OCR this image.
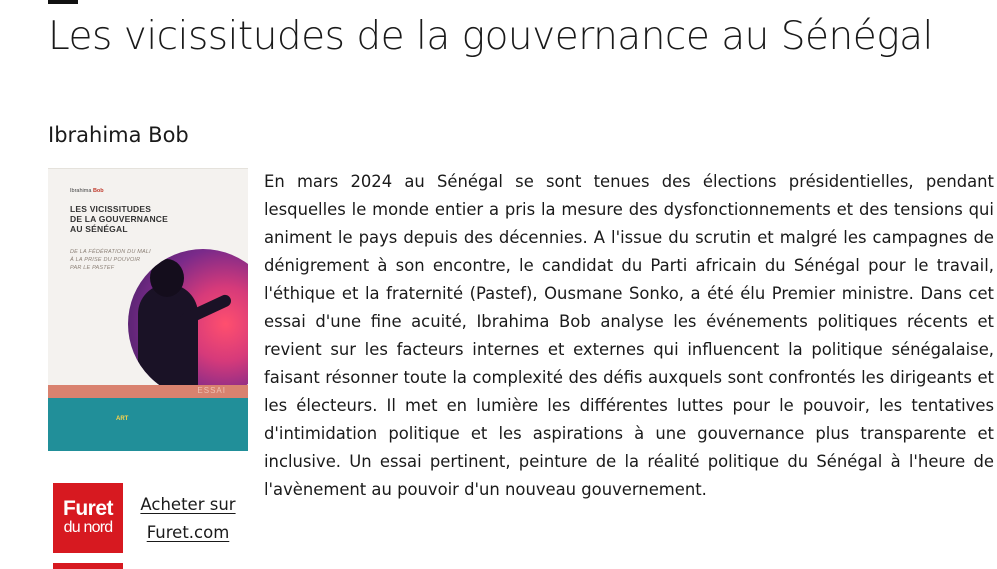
Les vicissitudes de la gouvernance au Sénégal
Ibrahima Bob
Ibrahima Bob
LES VICISSITUDES
DE LA GOUVERNANCE
AU SÉNÉGAL
DE LA FÉDÉRATION DU MALI
À LA PRISE DU POUVOIR
PAR LE PASTEF
ESSAI
ART
Furet
du nord
Acheter sur
Furet.com

En mars 2024 au Sénégal se sont tenues des élections présidentielles, pendant lesquelles le monde entier a pris la mesure des dysfonctionnements et des tensions qui animent le pays depuis des décennies. A l'issue du scrutin et malgré les campagnes de dénigrement à son encontre, le candidat du Parti africain du Sénégal pour le travail, l'éthique et la fraternité (Pastef), Ousmane Sonko, a été élu Premier ministre. Dans cet essai d'une fine acuité, Ibrahima Bob analyse les événements politiques récents et revient sur les facteurs internes et externes qui influencent la politique sénégalaise, faisant résonner toute la complexité des défis auxquels sont confrontés les dirigeants et les électeurs. Il met en lumière les différentes luttes pour le pouvoir, les tentatives d'intimidation politique et les aspirations à une gouvernance plus transparente et inclusive. Un essai pertinent, peinture de la réalité politique du Sénégal à l'heure de l'avènement au pouvoir d'un nouveau gouvernement.
